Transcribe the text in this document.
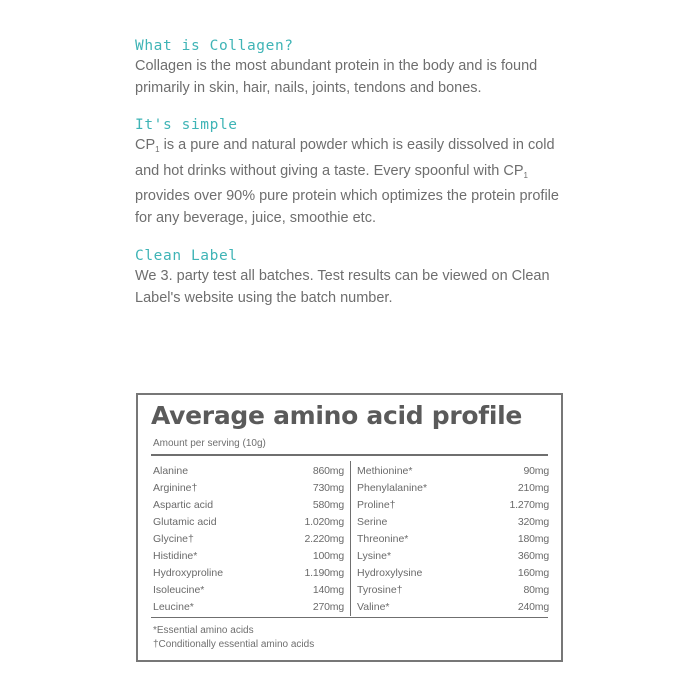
What is Collagen?

Collagen is the most abundant protein in the body and is found primarily in skin, hair, nails, joints, tendons and bones.

It's simple

$CP_1$ is a pure and natural powder which is easily dissolved in cold and hot drinks without giving a taste. Every spoonful with $CP_1$ provides over 90% pure protein which optimizes the protein profile for any beverage, juice, smoothie etc.

Clean Label

We 3. party test all batches. Test results can be viewed on Clean Label's website using the batch number.

Average amino acid profile
Amount per serving (10g)
Alanine	860mg
Arginine†	730mg
Aspartic acid	580mg
Glutamic acid	1.020mg
Glycine†	2.220mg
Histidine*	100mg
Hydroxyproline	1.190mg
Isoleucine*	140mg
Leucine*	270mg
Methionine*	90mg
Phenylalanine*	210mg
Proline†	1.270mg
Serine	320mg
Threonine*	180mg
Lysine*	360mg
Hydroxylysine	160mg
Tyrosine†	80mg
Valine*	240mg
*Essential amino acids
†Conditionally essential amino acids
